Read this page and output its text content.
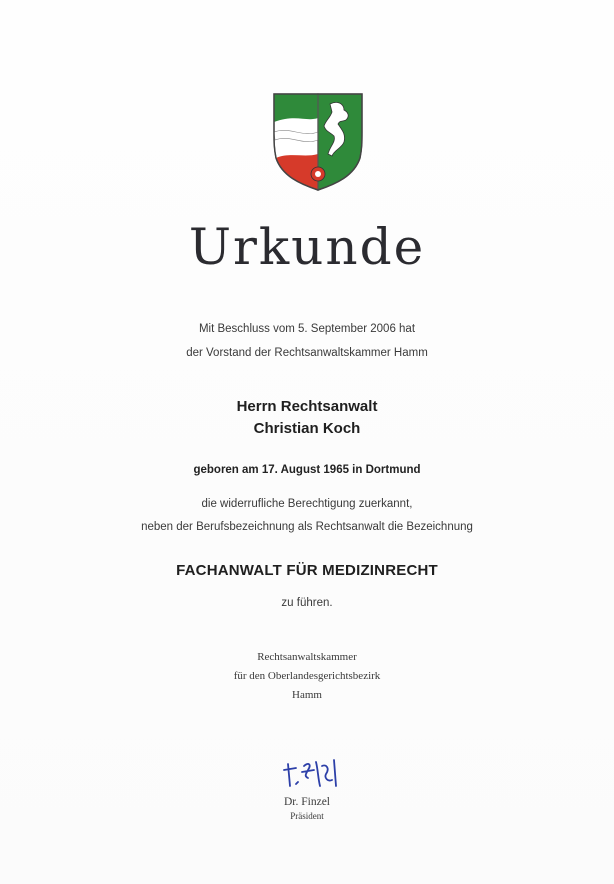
Urkunde
Mit Beschluss vom 5. September 2006 hat
der Vorstand der Rechtsanwaltskammer Hamm
Herrn Rechtsanwalt
Christian Koch
geboren am 17. August 1965 in Dortmund
die widerrufliche Berechtigung zuerkannt,
neben der Berufsbezeichnung als Rechtsanwalt die Bezeichnung
FACHANWALT FÜR MEDIZINRECHT
zu führen.
Rechtsanwaltskammer
für den Oberlandesgerichtsbezirk
Hamm
Dr. Finzel
Präsident
